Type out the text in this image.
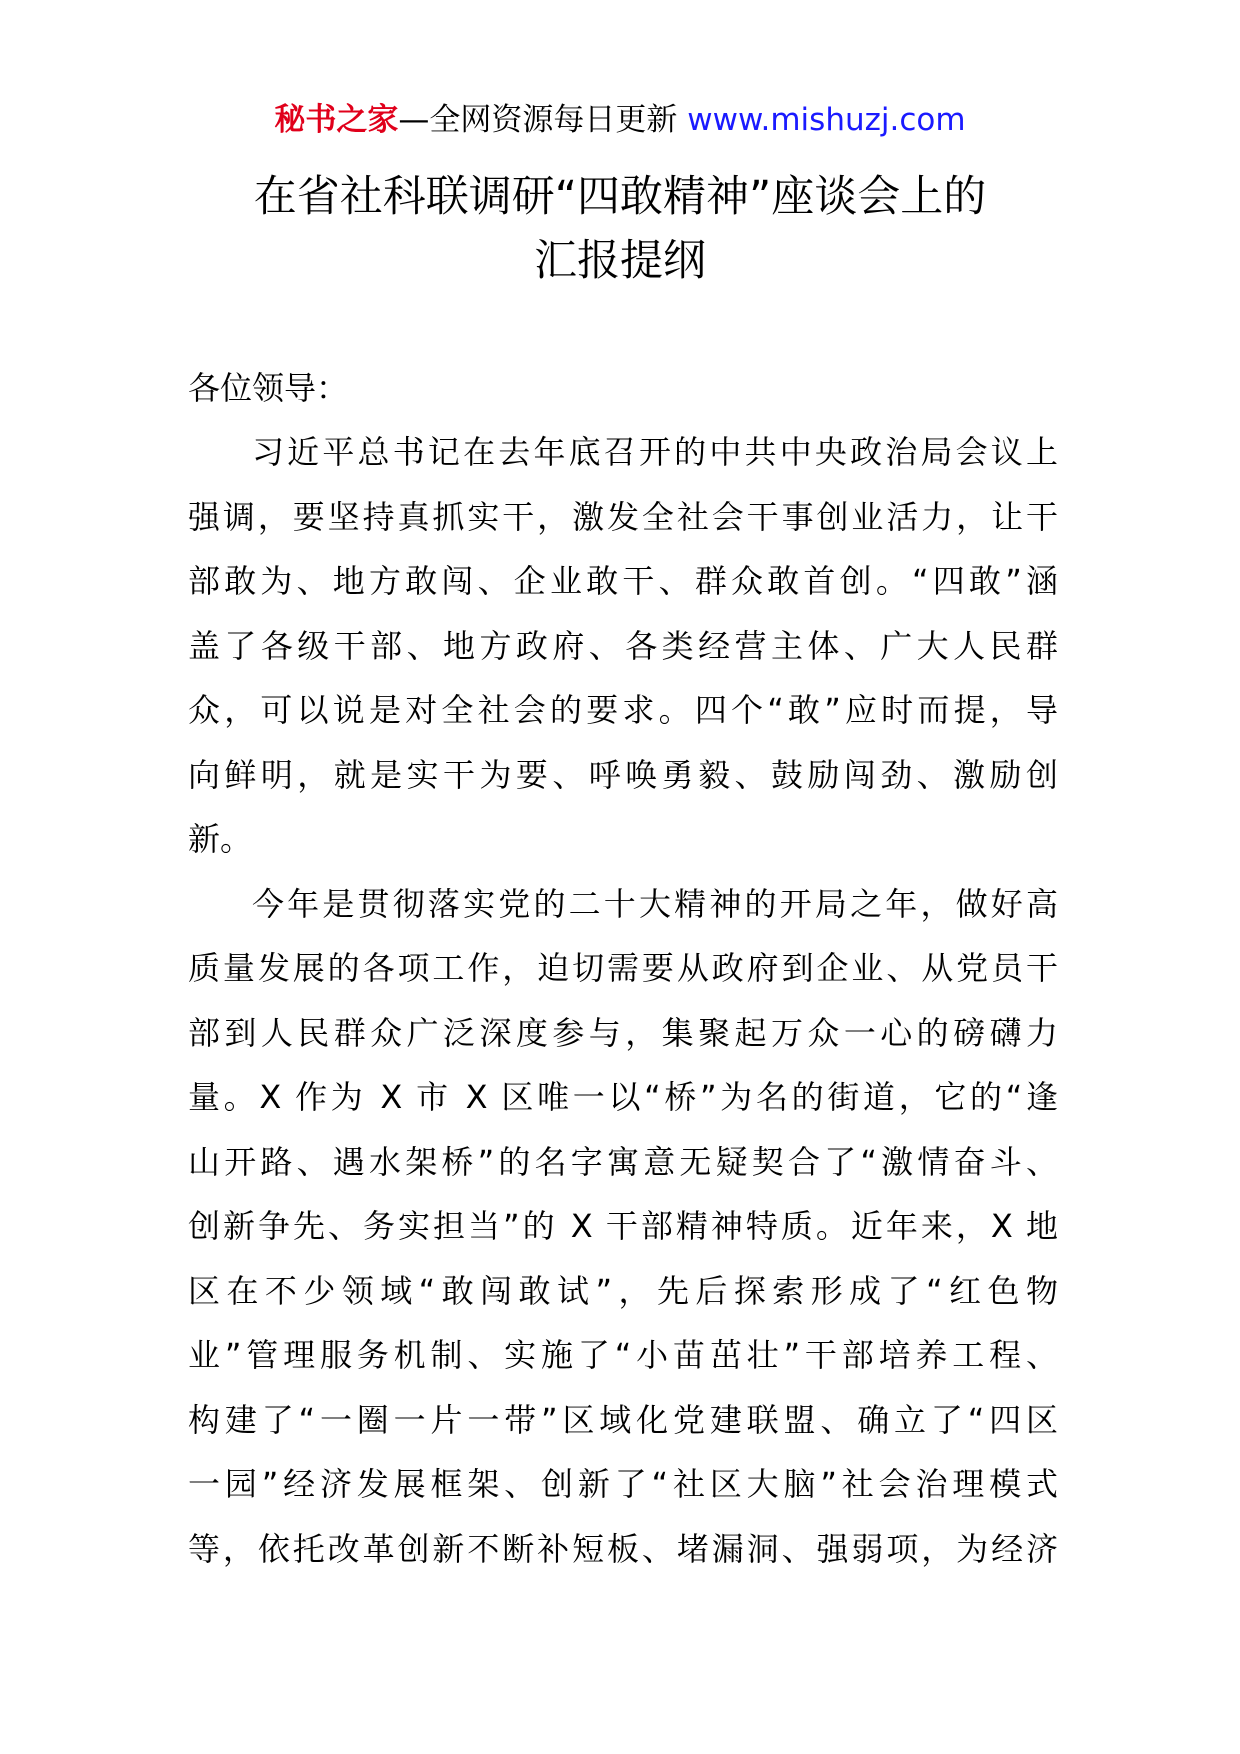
秘书之家—全网资源每日更新 www.mishuzj.com
在省社科联调研“四敢精神”座谈会上的
汇报提纲

各位领导：

习近平总书记在去年底召开的中共中央政治局会议上
强调，要坚持真抓实干，激发全社会干事创业活力，让干
部敢为、地方敢闯、企业敢干、群众敢首创。“四敢”涵
盖了各级干部、地方政府、各类经营主体、广大人民群
众，可以说是对全社会的要求。四个“敢”应时而提，导
向鲜明，就是实干为要、呼唤勇毅、鼓励闯劲、激励创
新。
今年是贯彻落实党的二十大精神的开局之年，做好高
质量发展的各项工作，迫切需要从政府到企业、从党员干
部到人民群众广泛深度参与，集聚起万众一心的磅礴力
量。X 作为 X 市 X 区唯一以“桥”为名的街道，它的“逢
山开路、遇水架桥”的名字寓意无疑契合了“激情奋斗、
创新争先、务实担当”的 X 干部精神特质。近年来，X 地
区在不少领域“敢闯敢试”，先后探索形成了“红色物
业”管理服务机制、实施了“小苗茁壮”干部培养工程、
构建了“一圈一片一带”区域化党建联盟、确立了“四区
一园”经济发展框架、创新了“社区大脑”社会治理模式
等，依托改革创新不断补短板、堵漏洞、强弱项，为经济
